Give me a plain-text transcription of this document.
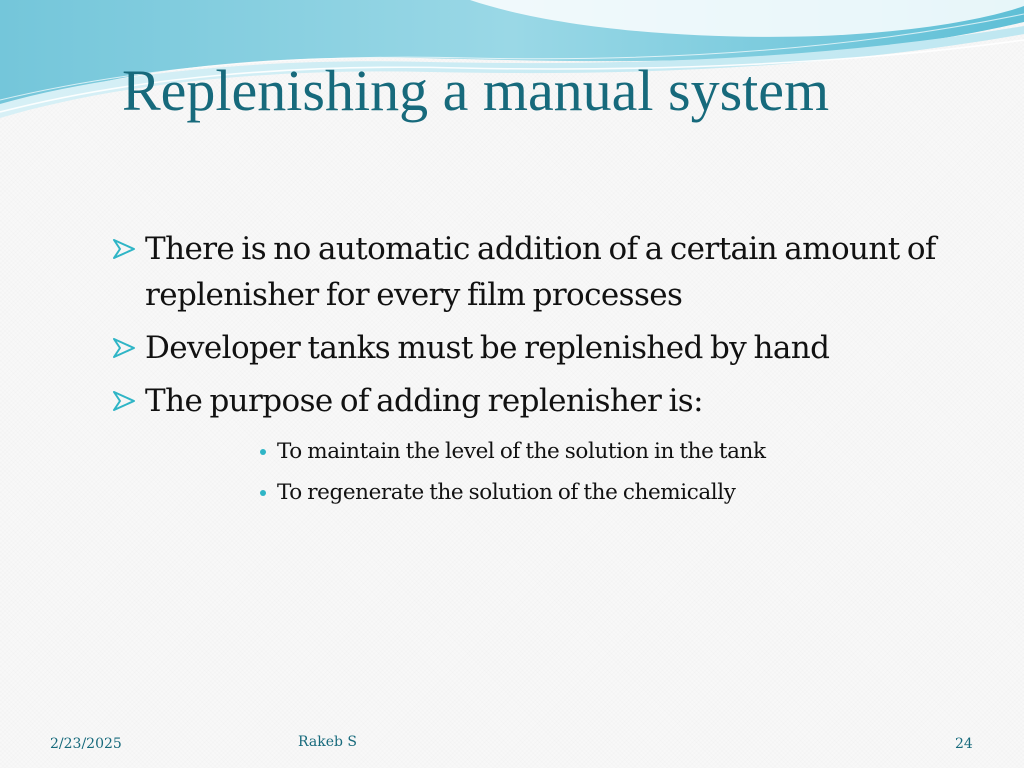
Replenishing a manual system
There is no automatic addition of a certain amount of replenisher for every film processes
Developer tanks must be replenished by hand
The purpose of adding replenisher is:
To maintain the level of the solution in the tank
To regenerate the solution of the chemically
2/23/2025	Rakeb S	24
